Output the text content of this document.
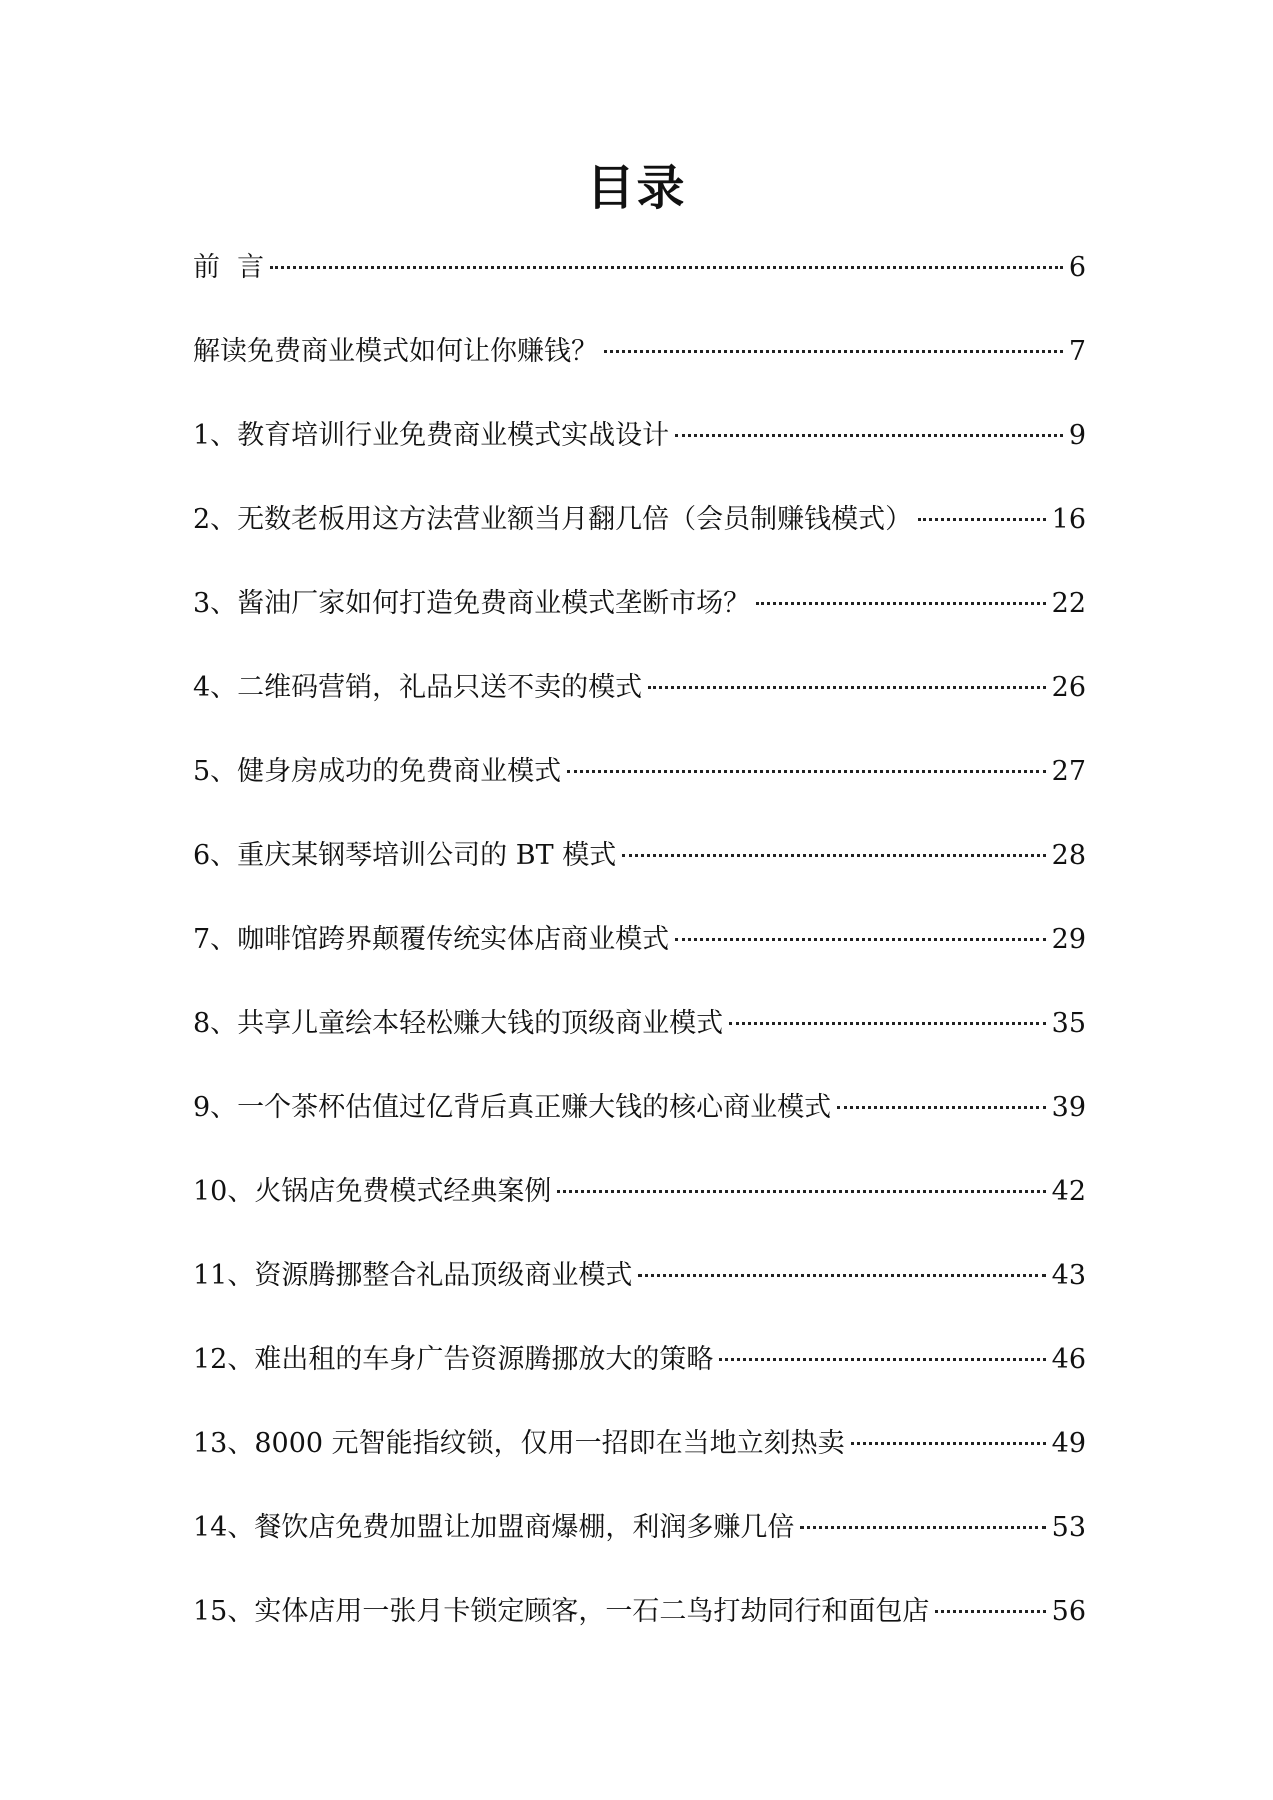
目录
前  言	6
解读免费商业模式如何让你赚钱？	7
1、教育培训行业免费商业模式实战设计	9
2、无数老板用这方法营业额当月翻几倍（会员制赚钱模式）	16
3、酱油厂家如何打造免费商业模式垄断市场？	22
4、二维码营销，礼品只送不卖的模式	26
5、健身房成功的免费商业模式	27
6、重庆某钢琴培训公司的 BT 模式	28
7、咖啡馆跨界颠覆传统实体店商业模式	29
8、共享儿童绘本轻松赚大钱的顶级商业模式	35
9、一个茶杯估值过亿背后真正赚大钱的核心商业模式	39
10、火锅店免费模式经典案例	42
11、资源腾挪整合礼品顶级商业模式	43
12、难出租的车身广告资源腾挪放大的策略	46
13、8000 元智能指纹锁，仅用一招即在当地立刻热卖	49
14、餐饮店免费加盟让加盟商爆棚，利润多赚几倍	53
15、实体店用一张月卡锁定顾客，一石二鸟打劫同行和面包店	56
